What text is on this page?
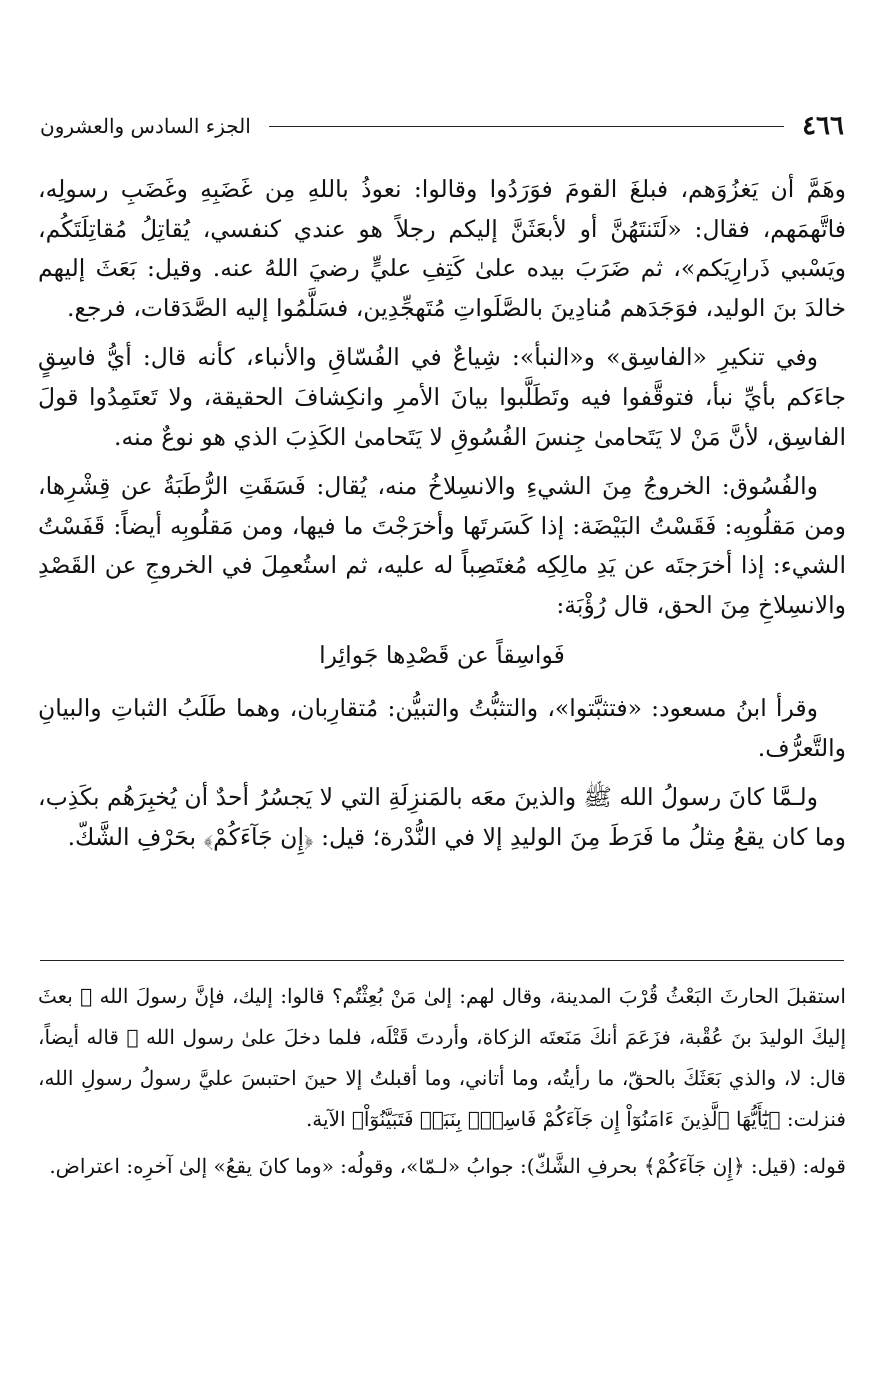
٤٦٦
الجزء السادس والعشرون

وهَمَّ أن يَغزُوَهم، فبلغَ القومَ فوَرَدُوا وقالوا: نعوذُ باللهِ مِن غَضَبِهِ وغَضَبِ رسولِه، فاتَّهمَهم، فقال: «لَتَنتَهُنَّ أو لأبعَثَنَّ إليكم رجلاً هو عندي كنفسي، يُقاتِلُ مُقاتِلَتَكُم، ويَسْبي ذَرارِيَكم»، ثم ضَرَبَ بيده علىٰ كَتِفِ عليٍّ رضيَ اللهُ عنه. وقيل: بَعَثَ إليهم خالدَ بنَ الوليد، فوَجَدَهم مُنادِينَ بالصَّلَواتِ مُتَهجِّدِين، فسَلَّمُوا إليه الصَّدَقات، فرجع.

وفي تنكيرِ «الفاسِق» و«النبأ»: شِياعٌ في الفُسّاقِ والأنباء، كأنه قال: أيُّ فاسِقٍ جاءَكم بأيِّ نبأ، فتوقَّفوا فيه وتَطَلَّبوا بيانَ الأمرِ وانكِشافَ الحقيقة، ولا تَعتَمِدُوا قولَ الفاسِق، لأنَّ مَنْ لا يَتَحامىٰ جِنسَ الفُسُوقِ لا يَتَحامىٰ الكَذِبَ الذي هو نوعٌ منه.

والفُسُوق: الخروجُ مِنَ الشيءِ والانسِلاخُ منه، يُقال: فَسَقَتِ الرُّطَبَةُ عن قِشْرِها، ومن مَقلُوبِه: فَقَسْتُ البَيْضَة: إذا كَسَرتَها وأخرَجْتَ ما فيها، ومن مَقلُوبِه أيضاً: قَفَسْتُ الشيء: إذا أخرَجتَه عن يَدِ مالِكِه مُغتَصِباً له عليه، ثم استُعمِلَ في الخروجِ عن القَصْدِ والانسِلاخِ مِنَ الحق، قال رُؤْبَة:

فَواسِقاً عن قَصْدِها جَوائِرا

وقرأ ابنُ مسعود: «فتثبَّتوا»، والتثبُّتُ والتبيُّن: مُتقارِبان، وهما طَلَبُ الثباتِ والبيانِ والتَّعرُّف.

ولـمَّا كانَ رسولُ الله ﷺ والذينَ معَه بالمَنزِلَةِ التي لا يَجسُرُ أحدٌ أن يُخبِرَهُم بكَذِب، وما كان يقعُ مِثلُ ما فَرَطَ مِنَ الوليدِ إلا في النُّدْرة؛ قيل: ﴿إِن جَآءَكُمْ﴾ بحَرْفِ الشَّكّ.

استقبلَ الحارثَ البَعْثُ قُرْبَ المدينة، وقال لهم: إلىٰ مَنْ بُعِثْتُم؟ قالوا: إليك، فإنَّ رسولَ الله ﷺ بعثَ إليكَ الوليدَ بنَ عُقْبة، فزَعَمَ أنكَ مَنَعتَه الزكاة، وأردتَ قَتْلَه، فلما دخلَ علىٰ رسول الله ﷺ قاله أيضاً، قال: لا، والذي بَعَثَكَ بالحقّ، ما رأيتُه، وما أتاني، وما أقبلتُ إلا حينَ احتبسَ عليَّ رسولُ رسولِ الله، فنزلت: ﴿يَٰٓأَيُّهَا ٱلَّذِينَ ءَامَنُوٓاْ إِن جَآءَكُمْ فَاسِقُۢ بِنَبَإٖ فَتَبَيَّنُوٓاْ﴾ الآية.

قوله: (قيل: ﴿إِن جَآءَكُمْ﴾ بحرفِ الشَّكّ): جوابُ «لـمّا»، وقولُه: «وما كانَ يقعُ» إلىٰ آخرِه: اعتراض.
